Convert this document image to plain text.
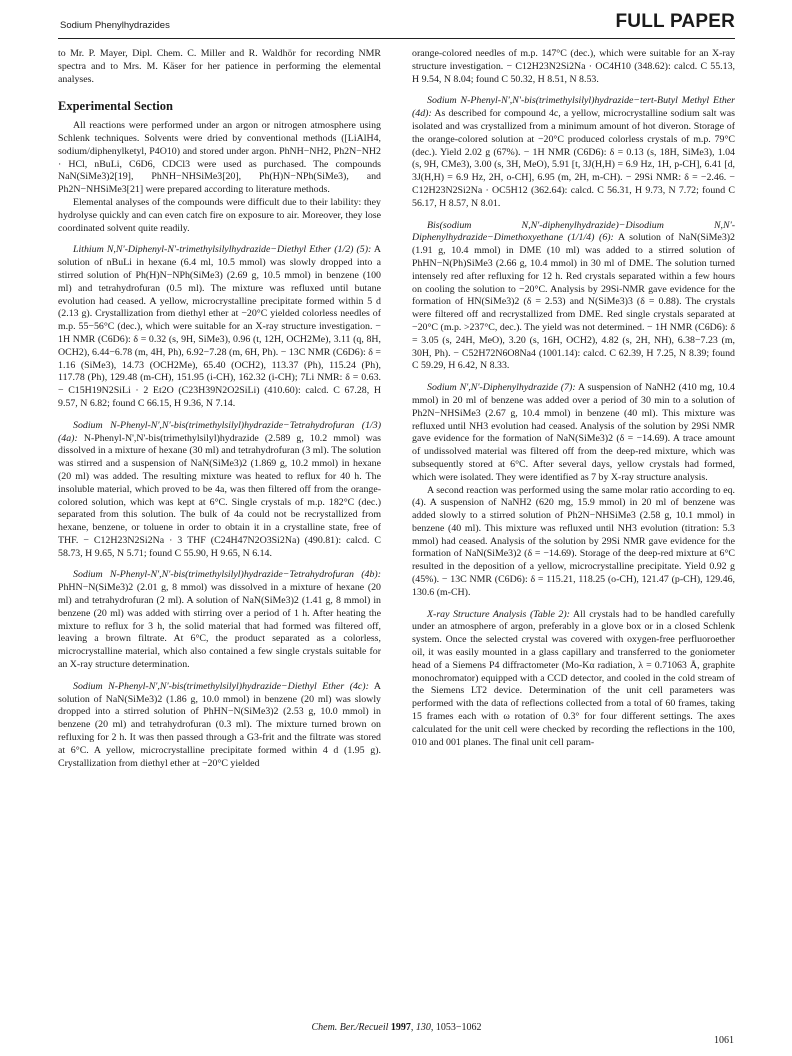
Sodium Phenylhydrazides	FULL PAPER

to Mr. P. Mayer, Dipl. Chem. C. Miller and R. Waldhör for recording NMR spectra and to Mrs. M. Käser for her patience in performing the elemental analyses.

Experimental Section

All reactions were performed under an argon or nitrogen atmosphere using Schlenk techniques. Solvents were dried by conventional methods ([LiAlH4, sodium/diphenylketyl, P4O10) and stored under argon. PhNH−NH2, Ph2N−NH2 · HCl, nBuLi, C6D6, CDCl3 were used as purchased. The compounds NaN(SiMe3)2[19], PhNH−NHSiMe3[20], Ph(H)N−NPh(SiMe3), and Ph2N−NHSiMe3[21] were prepared according to literature methods.

Elemental analyses of the compounds were difficult due to their lability: they hydrolyse quickly and can even catch fire on exposure to air. Moreover, they lose coordinated solvent quite readily.

Lithium N,N'-Diphenyl-N'-trimethylsilylhydrazide−Diethyl Ether (1/2) (5): A solution of nBuLi in hexane (6.4 ml, 10.5 mmol) was slowly dropped into a stirred solution of Ph(H)N−NPh(SiMe3) (2.69 g, 10.5 mmol) in benzene (100 ml) and tetrahydrofuran (0.5 ml). The mixture was refluxed until butane evolution had ceased. A yellow, microcrystalline precipitate formed within 5 d (2.13 g). Crystallization from diethyl ether at −20°C yielded colorless needles of m.p. 55−56°C (dec.), which were suitable for an X-ray structure investigation. − 1H NMR (C6D6): δ = 0.32 (s, 9H, SiMe3), 0.96 (t, 12H, OCH2Me), 3.11 (q, 8H, OCH2), 6.44−6.78 (m, 4H, Ph), 6.92−7.28 (m, 6H, Ph). − 13C NMR (C6D6): δ = 1.16 (SiMe3), 14.73 (OCH2Me), 65.40 (OCH2), 113.37 (Ph), 115.24 (Ph), 117.78 (Ph), 129.48 (m-CH), 151.95 (i-CH), 162.32 (i-CH); 7Li NMR: δ = 0.63. − C15H19N2SiLi · 2 Et2O (C23H39N2O2SiLi) (410.60): calcd. C 67.28, H 9.57, N 6.82; found C 66.15, H 9.36, N 7.14.

Sodium N-Phenyl-N',N'-bis(trimethylsilyl)hydrazide−Tetrahydrofuran (1/3) (4a): N-Phenyl-N',N'-bis(trimethylsilyl)hydrazide (2.589 g, 10.2 mmol) was dissolved in a mixture of hexane (30 ml) and tetrahydrofuran (3 ml). The solution was stirred and a suspension of NaN(SiMe3)2 (1.869 g, 10.2 mmol) in hexane (20 ml) was added. The resulting mixture was heated to reflux for 40 h. The insoluble material, which proved to be 4a, was then filtered off from the orange-colored solution, which was kept at 6°C. Single crystals of m.p. 182°C (dec.) separated from this solution. The bulk of 4a could not be recrystallized from hexane, benzene, or toluene in order to obtain it in a crystalline state, free of THF. − C12H23N2Si2Na · 3 THF (C24H47N2O3Si2Na) (490.81): calcd. C 58.73, H 9.65, N 5.71; found C 55.90, H 9.65, N 6.14.

Sodium N-Phenyl-N',N'-bis(trimethylsilyl)hydrazide−Tetrahydrofuran (4b): PhHN−N(SiMe3)2 (2.01 g, 8 mmol) was dissolved in a mixture of hexane (20 ml) and tetrahydrofuran (2 ml). A solution of NaN(SiMe3)2 (1.41 g, 8 mmol) in benzene (20 ml) was added with stirring over a period of 1 h. After heating the mixture to reflux for 3 h, the solid material that had formed was filtered off, leaving a brown filtrate. At 6°C, the product separated as a colorless, microcrystalline material, which also contained a few single crystals suitable for an X-ray structure determination.

Sodium N-Phenyl-N',N'-bis(trimethylsilyl)hydrazide−Diethyl Ether (4c): A solution of NaN(SiMe3)2 (1.86 g, 10.0 mmol) in benzene (20 ml) was slowly dropped into a stirred solution of PhHN−N(SiMe3)2 (2.53 g, 10.0 mmol) in benzene (20 ml) and tetrahydrofuran (0.3 ml). The mixture turned brown on refluxing for 2 h. It was then passed through a G3-frit and the filtrate was stored at 6°C. A yellow, microcrystalline precipitate formed within 4 d (1.95 g). Crystallization from diethyl ether at −20°C yielded

orange-colored needles of m.p. 147°C (dec.), which were suitable for an X-ray structure investigation. − C12H23N2Si2Na · OC4H10 (348.62): calcd. C 55.13, H 9.54, N 8.04; found C 50.32, H 8.51, N 8.53.

Sodium N-Phenyl-N',N'-bis(trimethylsilyl)hydrazide−tert-Butyl Methyl Ether (4d): As described for compound 4c, a yellow, microcrystalline sodium salt was isolated and was crystallized from a minimum amount of hot diveron. Storage of the orange-colored solution at −20°C produced colorless crystals of m.p. 79°C (dec.). Yield 2.02 g (67%). − 1H NMR (C6D6): δ = 0.13 (s, 18H, SiMe3), 1.04 (s, 9H, CMe3), 3.00 (s, 3H, MeO), 5.91 [t, 3J(H,H) = 6.9 Hz, 1H, p-CH], 6.41 [d, 3J(H,H) = 6.9 Hz, 2H, o-CH], 6.95 (m, 2H, m-CH). − 29Si NMR: δ = −2.46. − C12H23N2Si2Na · OC5H12 (362.64): calcd. C 56.31, H 9.73, N 7.72; found C 56.17, H 8.57, N 8.01.

Bis(sodium N,N'-diphenylhydrazide)−Disodium N,N'-Diphenylhydrazide−Dimethoxyethane (1/1/4) (6): A solution of NaN(SiMe3)2 (1.91 g, 10.4 mmol) in DME (10 ml) was added to a stirred solution of PhHN−N(Ph)SiMe3 (2.66 g, 10.4 mmol) in 30 ml of DME. The solution turned intensely red after refluxing for 12 h. Red crystals separated within a few hours on cooling the solution to −20°C. Analysis by 29Si-NMR gave evidence for the formation of HN(SiMe3)2 (δ = 2.53) and N(SiMe3)3 (δ = 0.88). The crystals were filtered off and recrystallized from DME. Red single crystals separated at −20°C (m.p. >237°C, dec.). The yield was not determined. − 1H NMR (C6D6): δ = 3.05 (s, 24H, MeO), 3.20 (s, 16H, OCH2), 4.82 (s, 2H, NH), 6.38−7.23 (m, 30H, Ph). − C52H72N6O8Na4 (1001.14): calcd. C 62.39, H 7.25, N 8.39; found C 59.29, H 6.42, N 8.33.

Sodium N',N'-Diphenylhydrazide (7): A suspension of NaNH2 (410 mg, 10.4 mmol) in 20 ml of benzene was added over a period of 30 min to a solution of Ph2N−NHSiMe3 (2.67 g, 10.4 mmol) in benzene (40 ml). This mixture was refluxed until NH3 evolution had ceased. Analysis of the solution by 29Si NMR gave evidence for the formation of NaN(SiMe3)2 (δ = −14.69). A trace amount of undissolved material was filtered off from the deep-red mixture, which was subsequently stored at 6°C. After several days, yellow crystals had formed, which were isolated. They were identified as 7 by X-ray structure analysis.

A second reaction was performed using the same molar ratio according to eq. (4). A suspension of NaNH2 (620 mg, 15.9 mmol) in 20 ml of benzene was added slowly to a stirred solution of Ph2N−NHSiMe3 (2.58 g, 10.1 mmol) in benzene (40 ml). This mixture was refluxed until NH3 evolution (titration: 5.3 mmol) had ceased. Analysis of the solution by 29Si NMR gave evidence for the formation of NaN(SiMe3)2 (δ = −14.69). Storage of the deep-red mixture at 6°C resulted in the deposition of a yellow, microcrystalline precipitate. Yield 0.92 g (45%). − 13C NMR (C6D6): δ = 115.21, 118.25 (o-CH), 121.47 (p-CH), 129.46, 130.6 (m-CH).

X-ray Structure Analysis (Table 2): All crystals had to be handled carefully under an atmosphere of argon, preferably in a glove box or in a closed Schlenk system. Once the selected crystal was covered with oxygen-free perfluoroether oil, it was easily mounted in a glass capillary and transferred to the goniometer head of a Siemens P4 diffractometer (Mo-Kα radiation, λ = 0.71063 Å, graphite monochromator) equipped with a CCD detector, and cooled in the cold stream of the Siemens LT2 device. Determination of the unit cell parameters was performed with the data of reflections collected from a total of 60 frames, taking 15 frames each with ω rotation of 0.3° for four different settings. The axes calculated for the unit cell were checked by recording the reflections in the 100, 010 and 001 planes. The final unit cell param-

Chem. Ber./Recueil 1997, 130, 1053−1062
1061
